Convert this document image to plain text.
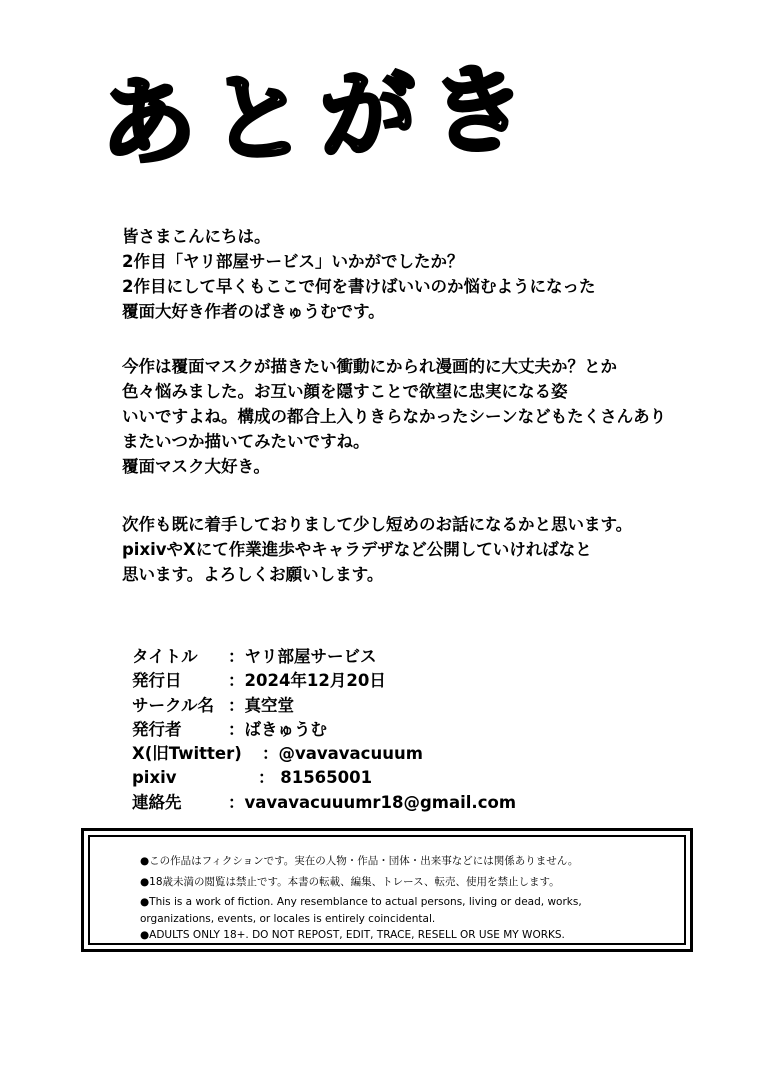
あとがき
皆さまこんにちは。
2作目「ヤリ部屋サービス」いかがでしたか？
2作目にして早くもここで何を書けばいいのか悩むようになった
覆面大好き作者のばきゅうむです。
今作は覆面マスクが描きたい衝動にかられ漫画的に大丈夫か？とか
色々悩みました。お互い顔を隠すことで欲望に忠実になる姿
いいですよね。構成の都合上入りきらなかったシーンなどもたくさんあり
またいつか描いてみたいですね。
覆面マスク大好き。
次作も既に着手しておりまして少し短めのお話になるかと思います。
pixivやXにて作業進歩やキャラデザなど公開していければなと
思います。よろしくお願いします。
タイトル ：ヤリ部屋サービス
発行日	：2024年12月20日
サークル名 ：真空堂
発行者	：ばきゅうむ
X(旧Twitter) ：@vavavacuuum
pixiv	： 81565001
連絡先	：vavavacuuumr18@gmail.com
●この作品はフィクションです。実在の人物・作品・団体・出来事などには関係ありません。
●18歳未満の閲覧は禁止です。本書の転載、編集、トレース、転売、使用を禁止します。
●This is a work of fiction. Any resemblance to actual persons, living or dead, works,
organizations, events, or locales is entirely coincidental.
●ADULTS ONLY 18+. DO NOT REPOST, EDIT, TRACE, RESELL OR USE MY WORKS.
